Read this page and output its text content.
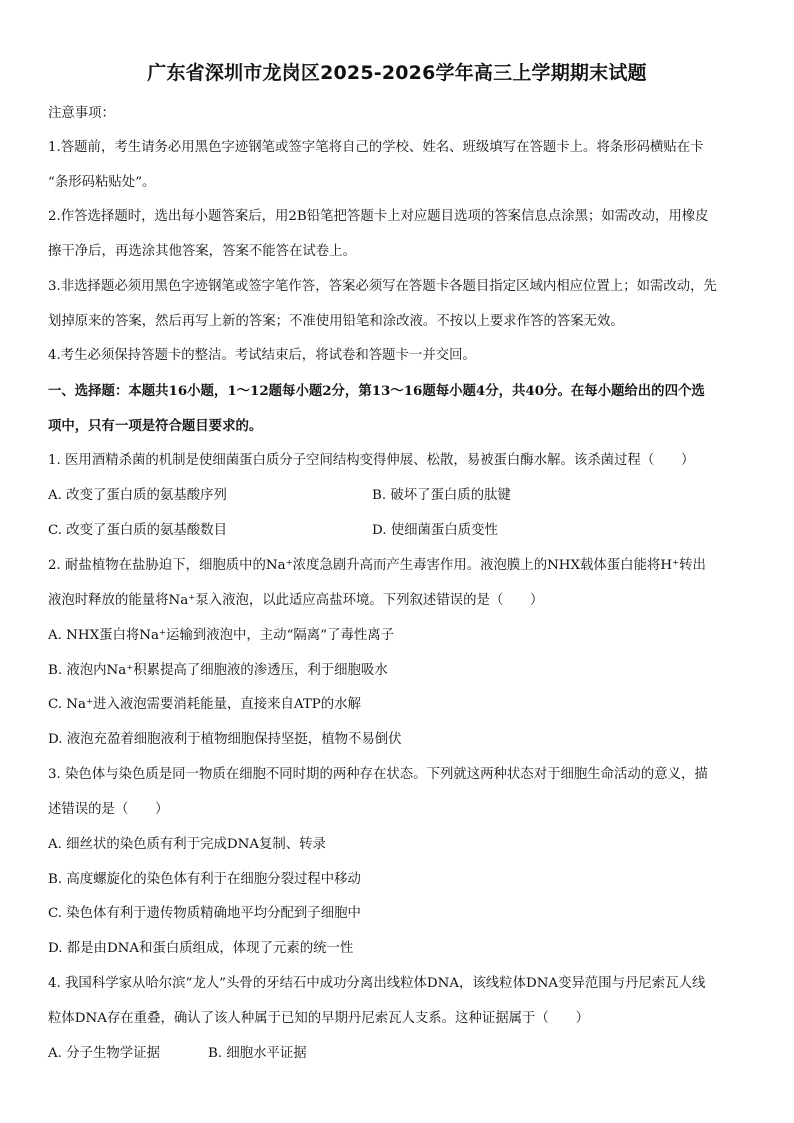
广东省深圳市龙岗区2025-2026学年高三上学期期末试题
注意事项：
1.答题前，考生请务必用黑色字迹钢笔或签字笔将自己的学校、姓名、班级填写在答题卡上。将条形码横贴在卡
“条形码粘贴处”。
2.作答选择题时，选出每小题答案后，用2B铅笔把答题卡上对应题目选项的答案信息点涂黑；如需改动，用橡皮
擦干净后，再选涂其他答案，答案不能答在试卷上。
3.非选择题必须用黑色字迹钢笔或签字笔作答，答案必须写在答题卡各题目指定区域内相应位置上；如需改动，先
划掉原来的答案，然后再写上新的答案；不准使用铅笔和涂改液。不按以上要求作答的答案无效。
4.考生必须保持答题卡的整洁。考试结束后，将试卷和答题卡一并交回。
一、选择题：本题共16小题，1～12题每小题2分，第13～16题每小题4分，共40分。在每小题给出的四个选
项中，只有一项是符合题目要求的。
1. 医用酒精杀菌的机制是使细菌蛋白质分子空间结构变得伸展、松散，易被蛋白酶水解。该杀菌过程（　　）
A. 改变了蛋白质的氨基酸序列	B. 破坏了蛋白质的肽键
C. 改变了蛋白质的氨基酸数目	D. 使细菌蛋白质变性
2. 耐盐植物在盐胁迫下，细胞质中的Na⁺浓度急剧升高而产生毒害作用。液泡膜上的NHX载体蛋白能将H⁺转出
液泡时释放的能量将Na⁺泵入液泡，以此适应高盐环境。下列叙述错误的是（　　）
A. NHX蛋白将Na⁺运输到液泡中，主动“隔离”了毒性离子
B. 液泡内Na⁺积累提高了细胞液的渗透压，利于细胞吸水
C. Na⁺进入液泡需要消耗能量，直接来自ATP的水解
D. 液泡充盈着细胞液利于植物细胞保持坚挺，植物不易倒伏
3. 染色体与染色质是同一物质在细胞不同时期的两种存在状态。下列就这两种状态对于细胞生命活动的意义，描
述错误的是（　　）
A. 细丝状的染色质有利于完成DNA复制、转录
B. 高度螺旋化的染色体有利于在细胞分裂过程中移动
C. 染色体有利于遗传物质精确地平均分配到子细胞中
D. 都是由DNA和蛋白质组成，体现了元素的统一性
4. 我国科学家从哈尔滨“龙人”头骨的牙结石中成功分离出线粒体DNA，该线粒体DNA变异范围与丹尼索瓦人线
粒体DNA存在重叠，确认了该人种属于已知的早期丹尼索瓦人支系。这种证据属于（　　）
A. 分子生物学证据	B. 细胞水平证据
